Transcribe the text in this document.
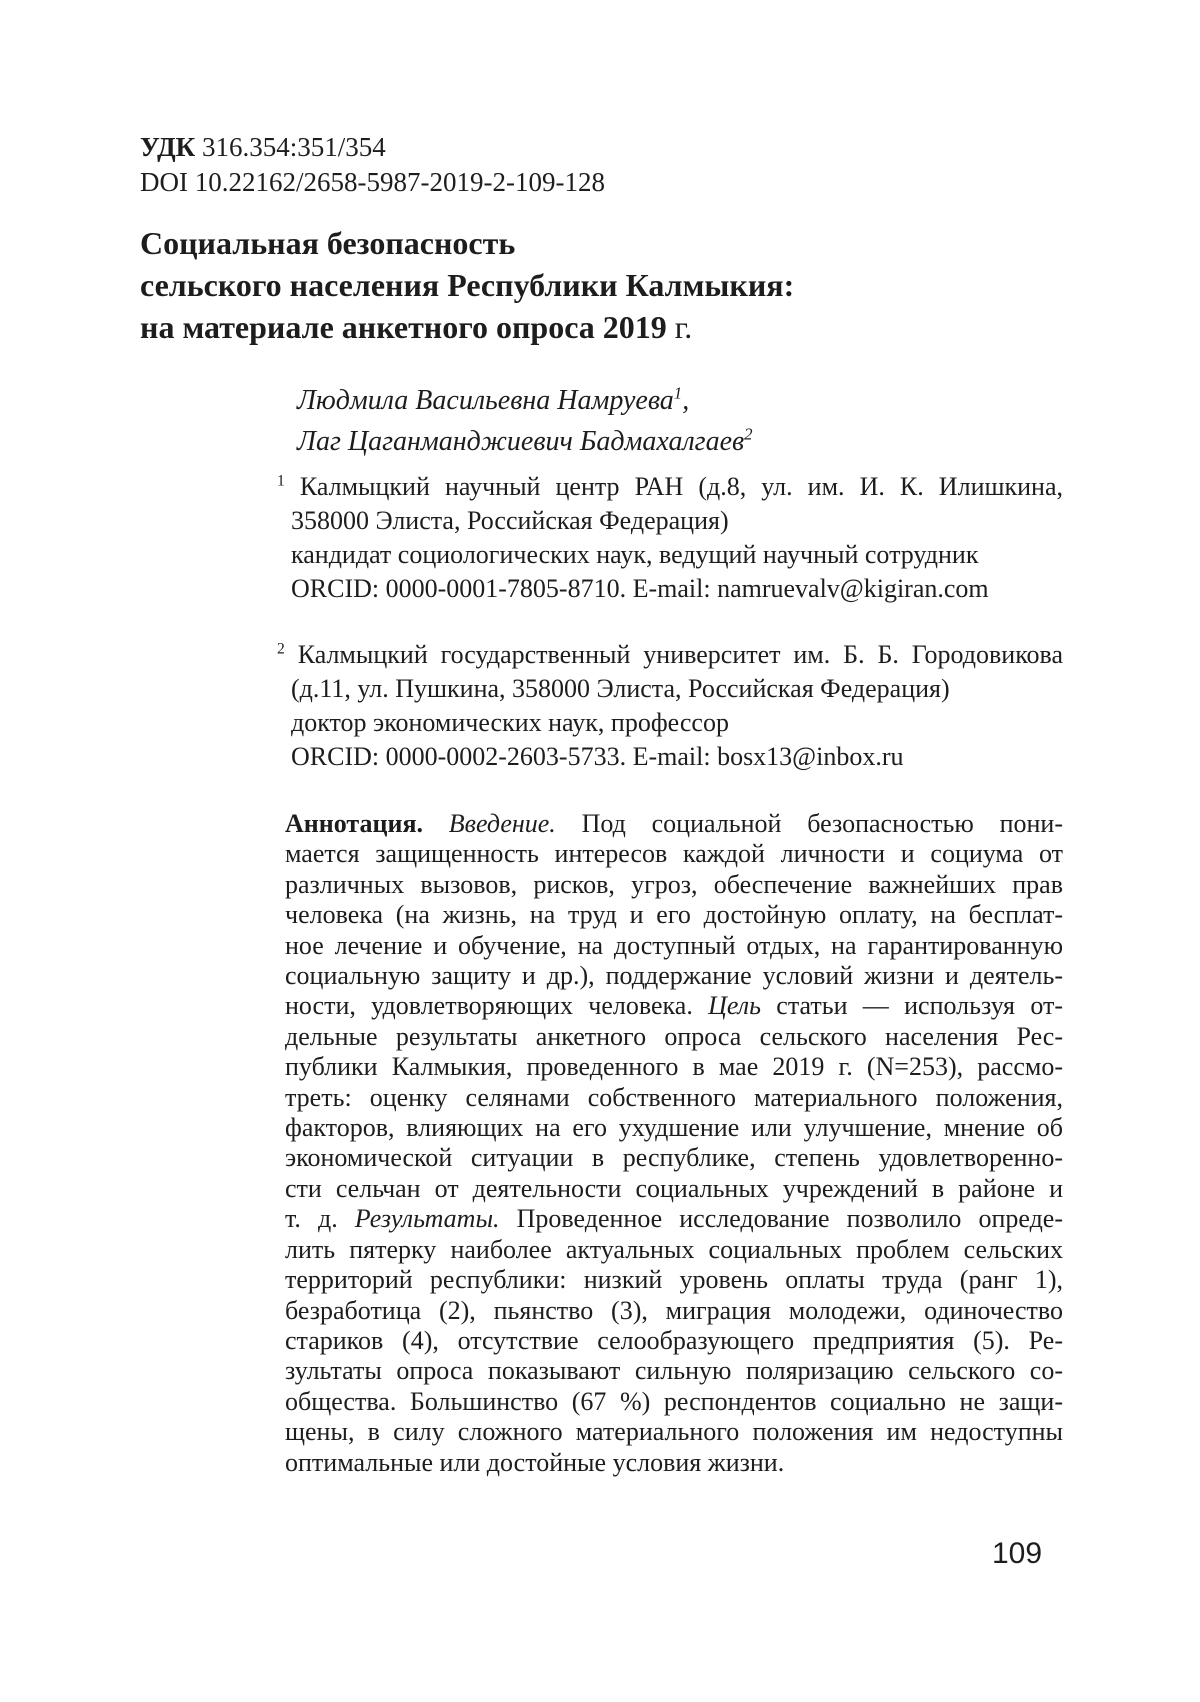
УДК 316.354:351/354
DOI 10.22162/2658-5987-2019-2-109-128
Социальная безопасность
сельского населения Республики Калмыкия:
на материале анкетного опроса 2019 г.
Людмила Васильевна Намруева$^1$,
Лаг Цаганманджиевич Бадмахалгаев$^2$
$^1$ Калмыцкий научный центр РАН (д.8, ул. им. И. К. Илишкина,
358000 Элиста, Российская Федерация)
кандидат социологических наук, ведущий научный сотрудник
ORCID: 0000-0001-7805-8710. E-mail: namruevalv@kigiran.com
$^2$ Калмыцкий государственный университет им. Б. Б. Городовикова
(д.11, ул. Пушкина, 358000 Элиста, Российская Федерация)
доктор экономических наук, профессор
ORCID: 0000-0002-2603-5733. E-mail: bosx13@inbox.ru
Аннотация. Введение. Под социальной безопасностью пони-
мается защищенность интересов каждой личности и социума от
различных вызовов, рисков, угроз, обеспечение важнейших прав
человека (на жизнь, на труд и его достойную оплату, на бесплат-
ное лечение и обучение, на доступный отдых, на гарантированную
социальную защиту и др.), поддержание условий жизни и деятель-
ности, удовлетворяющих человека. Цель статьи — используя от-
дельные результаты анкетного опроса сельского населения Рес-
публики Калмыкия, проведенного в мае 2019 г. (N=253), рассмо-
треть: оценку селянами собственного материального положения,
факторов, влияющих на его ухудшение или улучшение, мнение об
экономической ситуации в республике, степень удовлетворенно-
сти сельчан от деятельности социальных учреждений в районе и
т. д. Результаты. Проведенное исследование позволило опреде-
лить пятерку наиболее актуальных социальных проблем сельских
территорий республики: низкий уровень оплаты труда (ранг 1),
безработица (2), пьянство (3), миграция молодежи, одиночество
стариков (4), отсутствие селообразующего предприятия (5). Ре-
зультаты опроса показывают сильную поляризацию сельского со-
общества. Большинство (67 %) респондентов социально не защи-
щены, в силу сложного материального положения им недоступны
оптимальные или достойные условия жизни.
109
